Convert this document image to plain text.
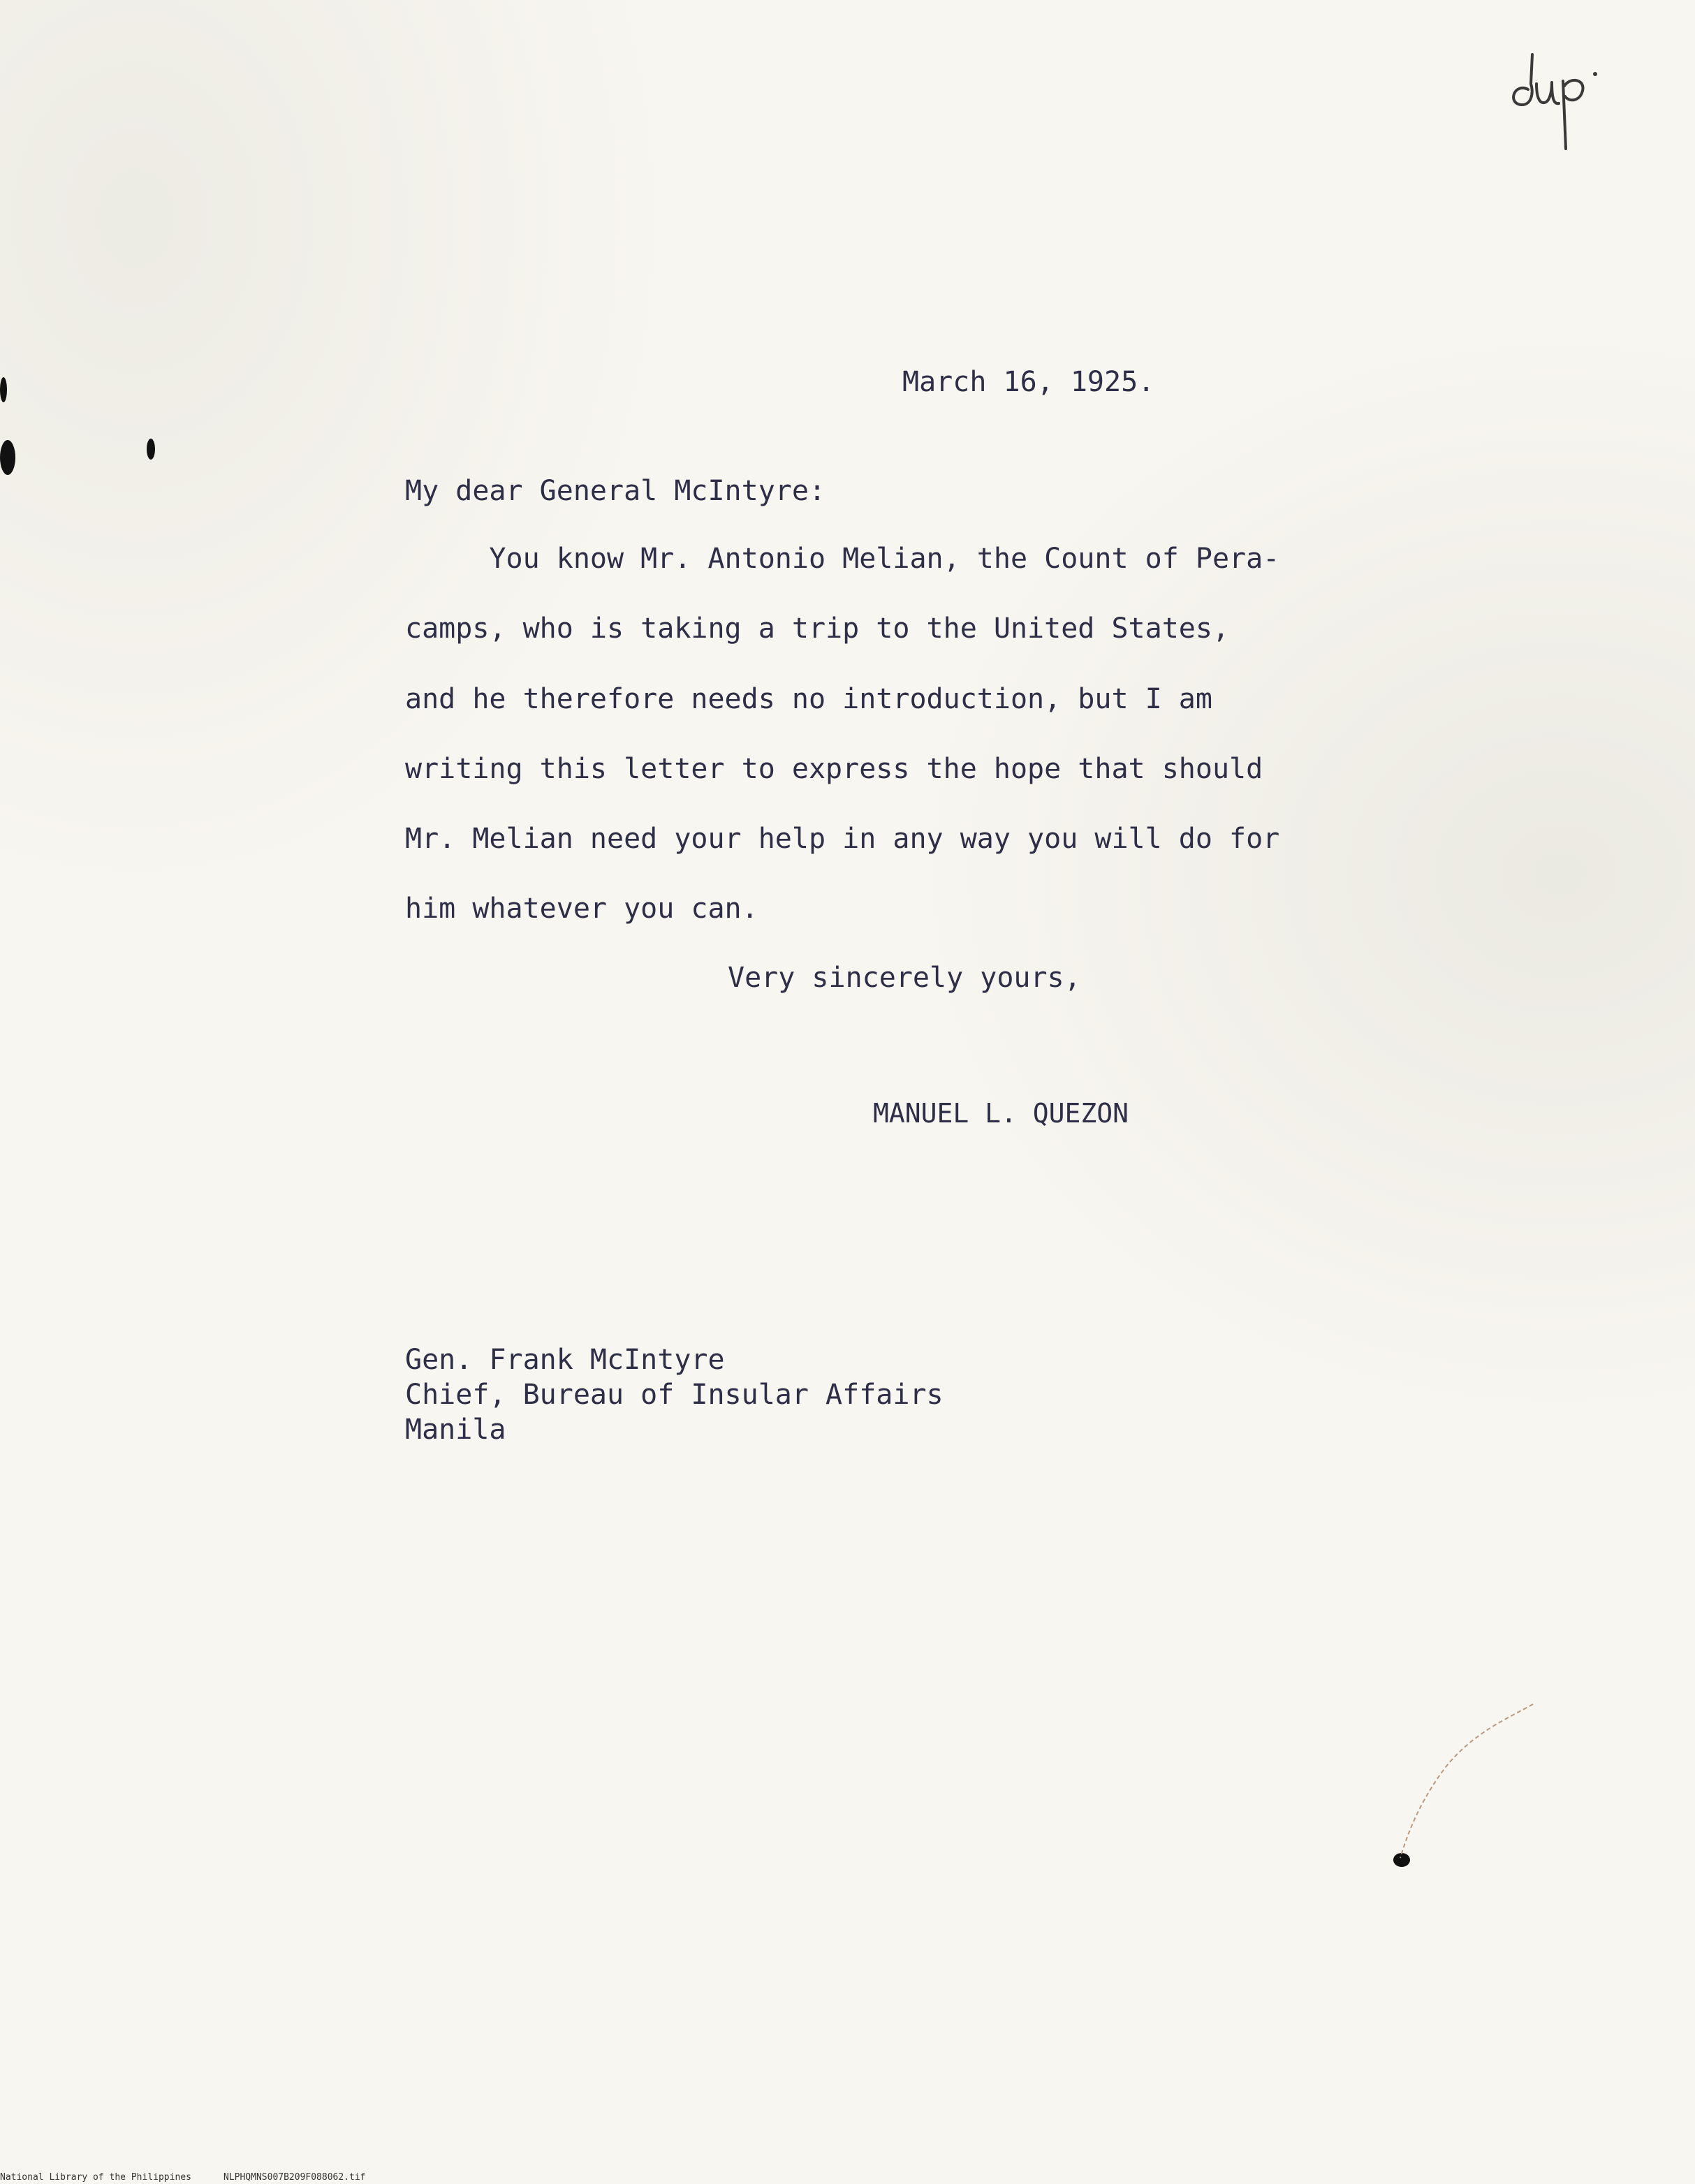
March 16, 1925.

My dear General McIntyre:

You know Mr. Antonio Melian, the Count of Pera-

camps, who is taking a trip to the United States,

and he therefore needs no introduction, but I am

writing this letter to express the hope that should

Mr. Melian need your help in any way you will do for

him whatever you can.

Very sincerely yours,

MANUEL L. QUEZON

Gen. Frank McIntyre

Chief, Bureau of Insular Affairs

Manila

National Library of the Philippines	NLPHQMNS007B209F088062.tif
